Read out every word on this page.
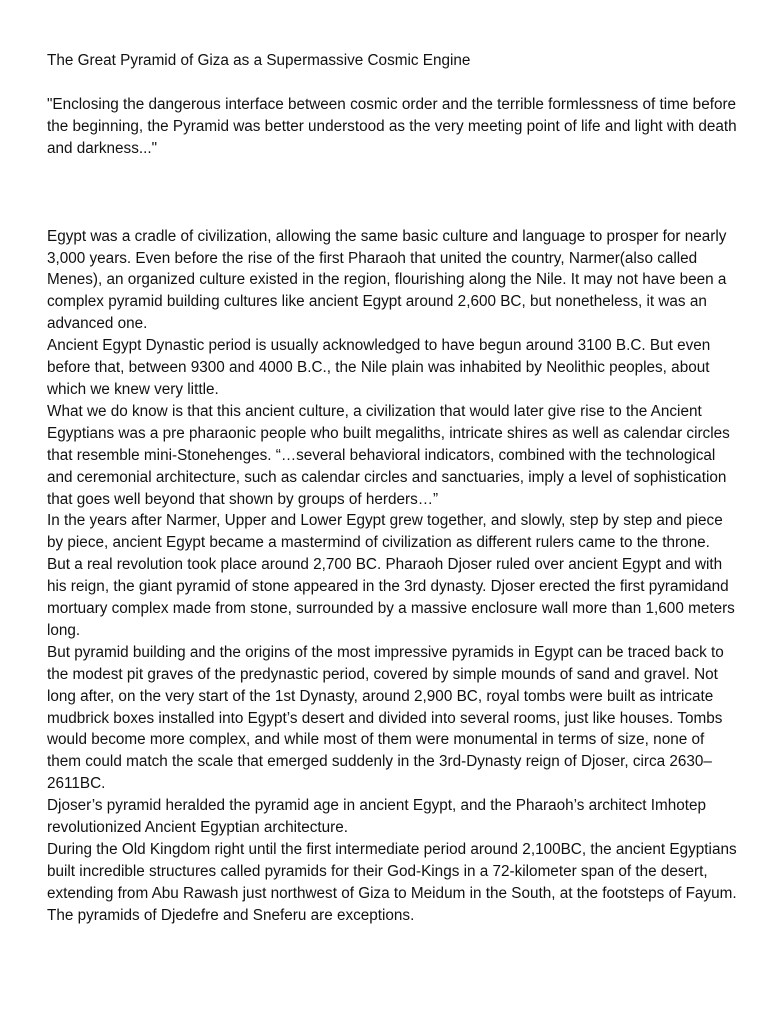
The Great Pyramid of Giza as a Supermassive Cosmic Engine

"Enclosing the dangerous interface between cosmic order and the terrible formlessness of time before the beginning, the Pyramid was better understood as the very meeting point of life and light with death and darkness..."

Egypt was a cradle of civilization, allowing the same basic culture and language to prosper for nearly 3,000 years. Even before the rise of the first Pharaoh that united the country, Narmer(also called Menes), an organized culture existed in the region, flourishing along the Nile. It may not have been a complex pyramid building cultures like ancient Egypt around 2,600 BC, but nonetheless, it was an advanced one.

Ancient Egypt Dynastic period is usually acknowledged to have begun around 3100 B.C. But even before that, between 9300 and 4000 B.C., the Nile plain was inhabited by Neolithic peoples, about which we knew very little.

What we do know is that this ancient culture, a civilization that would later give rise to the Ancient Egyptians was a pre pharaonic people who built megaliths, intricate shires as well as calendar circles that resemble mini-Stonehenges. “…several behavioral indicators, combined with the technological and ceremonial architecture, such as calendar circles and sanctuaries, imply a level of sophistication that goes well beyond that shown by groups of herders…”

In the years after Narmer, Upper and Lower Egypt grew together, and slowly, step by step and piece by piece, ancient Egypt became a mastermind of civilization as different rulers came to the throne.

But a real revolution took place around 2,700 BC. Pharaoh Djoser ruled over ancient Egypt and with his reign, the giant pyramid of stone appeared in the 3rd dynasty. Djoser erected the first pyramidand mortuary complex made from stone, surrounded by a massive enclosure wall more than 1,600 meters long.

But pyramid building and the origins of the most impressive pyramids in Egypt can be traced back to the modest pit graves of the predynastic period, covered by simple mounds of sand and gravel. Not long after, on the very start of the 1st Dynasty, around 2,900 BC, royal tombs were built as intricate mudbrick boxes installed into Egypt’s desert and divided into several rooms, just like houses. Tombs would become more complex, and while most of them were monumental in terms of size, none of them could match the scale that emerged suddenly in the 3rd-Dynasty reign of Djoser, circa 2630–2611BC.

Djoser’s pyramid heralded the pyramid age in ancient Egypt, and the Pharaoh’s architect Imhotep revolutionized Ancient Egyptian architecture.

During the Old Kingdom right until the first intermediate period around 2,100BC, the ancient Egyptians built incredible structures called pyramids for their God-Kings in a 72-kilometer span of the desert, extending from Abu Rawash just northwest of Giza to Meidum in the South, at the footsteps of Fayum.

The pyramids of Djedefre and Sneferu are exceptions.
